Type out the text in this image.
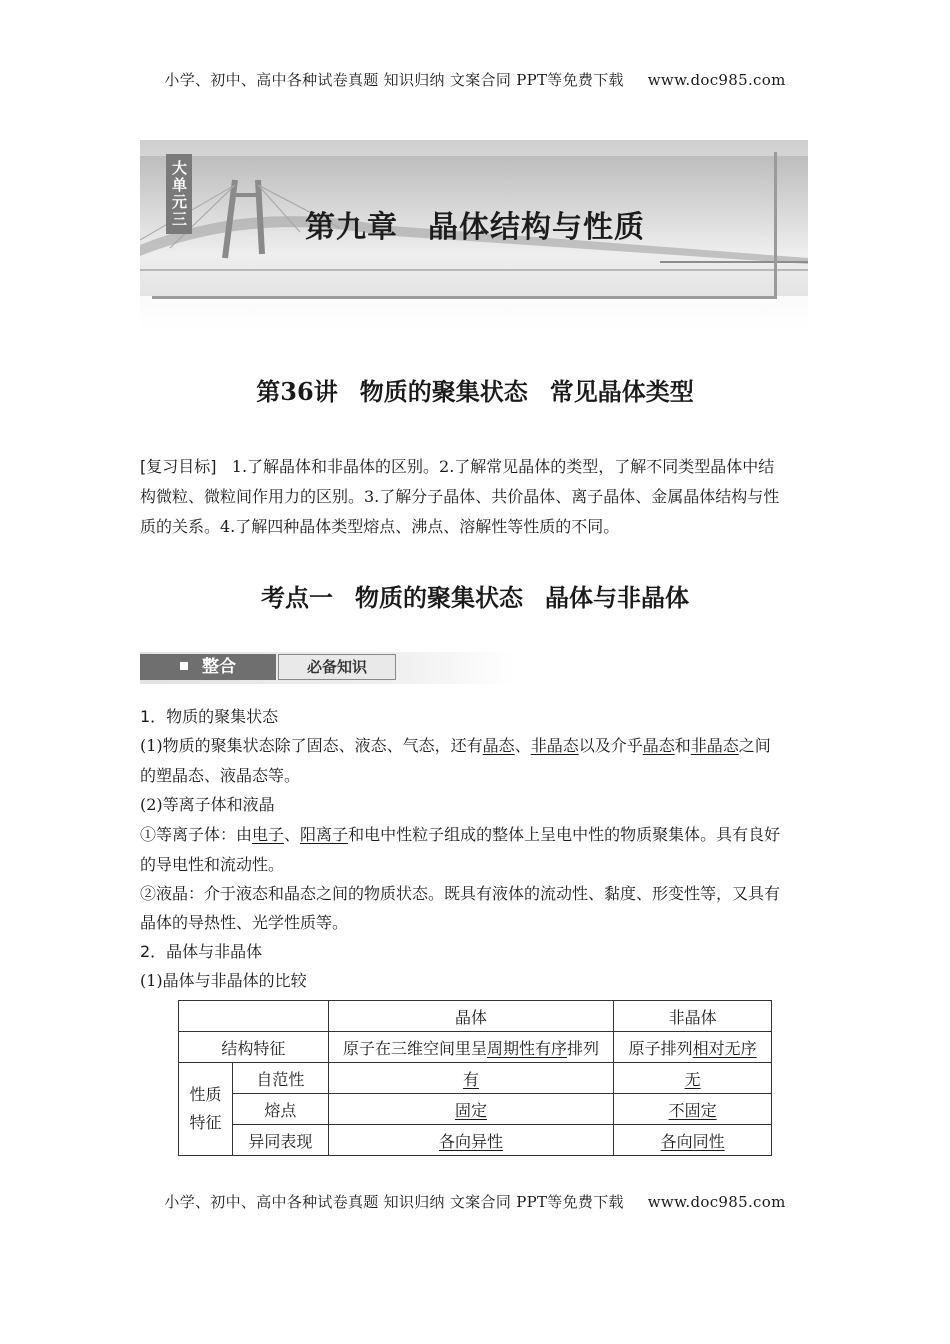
小学、初中、高中各种试卷真题 知识归纳 文案合同 PPT等免费下载 www.doc985.com
大单元三	第九章 晶体结构与性质
第36讲 物质的聚集状态 常见晶体类型
[复习目标] 1.了解晶体和非晶体的区别。2.了解常见晶体的类型，了解不同类型晶体中结
构微粒、微粒间作用力的区别。3.了解分子晶体、共价晶体、离子晶体、金属晶体结构与性
质的关系。4.了解四种晶体类型熔点、沸点、溶解性等性质的不同。
考点一 物质的聚集状态 晶体与非晶体
整合	必备知识
1．物质的聚集状态
(1)物质的聚集状态除了固态、液态、气态，还有晶态、非晶态以及介乎晶态和非晶态之间
的塑晶态、液晶态等。
(2)等离子体和液晶
①等离子体：由电子、阳离子和电中性粒子组成的整体上呈电中性的物质聚集体。具有良好
的导电性和流动性。
②液晶：介于液态和晶态之间的物质状态。既具有液体的流动性、黏度、形变性等，又具有
晶体的导热性、光学性质等。
2．晶体与非晶体
(1)晶体与非晶体的比较
		晶体	非晶体
结构特征		原子在三维空间里呈周期性有序排列	原子排列相对无序
性质
特征	自范性	有	无
	熔点	固定	不固定
	异同表现	各向异性	各向同性
小学、初中、高中各种试卷真题 知识归纳 文案合同 PPT等免费下载 www.doc985.com
